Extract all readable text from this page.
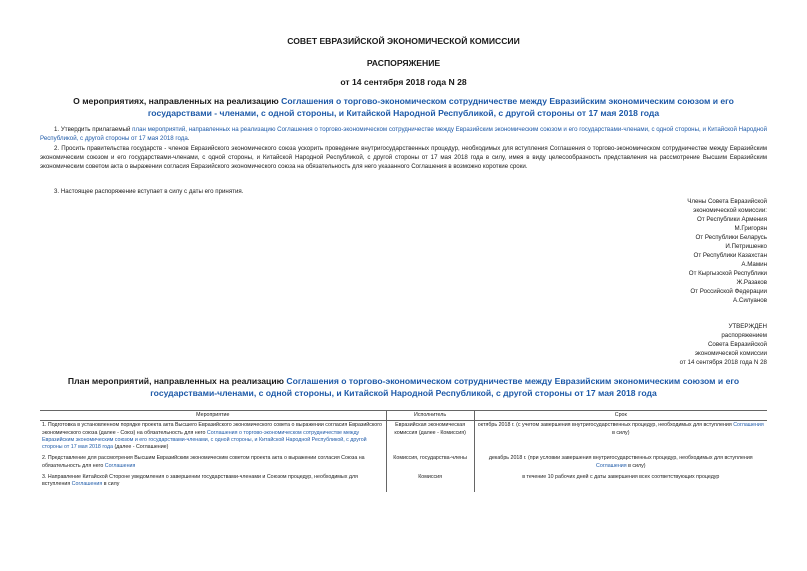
СОВЕТ ЕВРАЗИЙСКОЙ ЭКОНОМИЧЕСКОЙ КОМИССИИ
РАСПОРЯЖЕНИЕ
от 14 сентября 2018 года N 28
О мероприятиях, направленных на реализацию Соглашения о торгово-экономическом сотрудничестве между Евразийским экономическим союзом и его государствами - членами, с одной стороны, и Китайской Народной Республикой, с другой стороны от 17 мая 2018 года
1. Утвердить прилагаемый план мероприятий, направленных на реализацию Соглашения о торгово-экономическом сотрудничестве между Евразийским экономическим союзом и его государствами-членами, с одной стороны, и Китайской Народной Республикой, с другой стороны от 17 мая 2018 года.
2. Просить правительства государств - членов Евразийского экономического союза ускорить проведение внутригосударственных процедур, необходимых для вступления Соглашения о торгово-экономическом сотрудничестве между Евразийским экономическим союзом и его государствами-членами, с одной стороны, и Китайской Народной Республикой, с другой стороны от 17 мая 2018 года в силу, имея в виду целесообразность представления на рассмотрение Высшим Евразийским экономическим советом акта о выражении согласия Евразийского экономического союза на обязательность для него указанного Соглашения в возможно короткие сроки.
3. Настоящее распоряжение вступает в силу с даты его принятия.
Члены Совета Евразийской
экономической комиссии:
От Республики Армения
М.Григорян
От Республики Беларусь
И.Петришенко
От Республики Казахстан
А.Мамин
От Кыргызской Республики
Ж.Разаков
От Российской Федерации
А.Силуанов
УТВЕРЖДЕН
распоряжением
Совета Евразийской
экономической комиссии
от 14 сентября 2018 года N 28
План мероприятий, направленных на реализацию Соглашения о торгово-экономическом сотрудничестве между Евразийским экономическим союзом и его государствами-членами, с одной стороны, и Китайской Народной Республикой, с другой стороны от 17 мая 2018 года
Мероприятие	Исполнитель	Срок
1. Подготовка в установленном порядке проекта акта Высшего Евразийского экономического совета о выражении согласия Евразийского экономического союза (далее - Союз) на обязательность для него Соглашения о торгово-экономическом сотрудничестве между Евразийским экономическим союзом и его государствами-членами, с одной стороны, и Китайской Народной Республикой, с другой стороны от 17 мая 2018 года (далее - Соглашение)	Евразийская экономическая комиссия (далее - Комиссия)	октябрь 2018 г. (с учетом завершения внутригосударственных процедур, необходимых для вступления Соглашения в силу)
2. Представление для рассмотрения Высшим Евразийским экономическим советом проекта акта о выражении согласия Союза на обязательность для него Соглашения	Комиссия, государства-члены	декабрь 2018 г. (при условии завершения внутригосударственных процедур, необходимых для вступления Соглашения в силу)
3. Направление Китайской Стороне уведомления о завершении государствами-членами и Союзом процедур, необходимых для вступления Соглашения в силу	Комиссия	в течение 10 рабочих дней с даты завершения всех соответствующих процедур
